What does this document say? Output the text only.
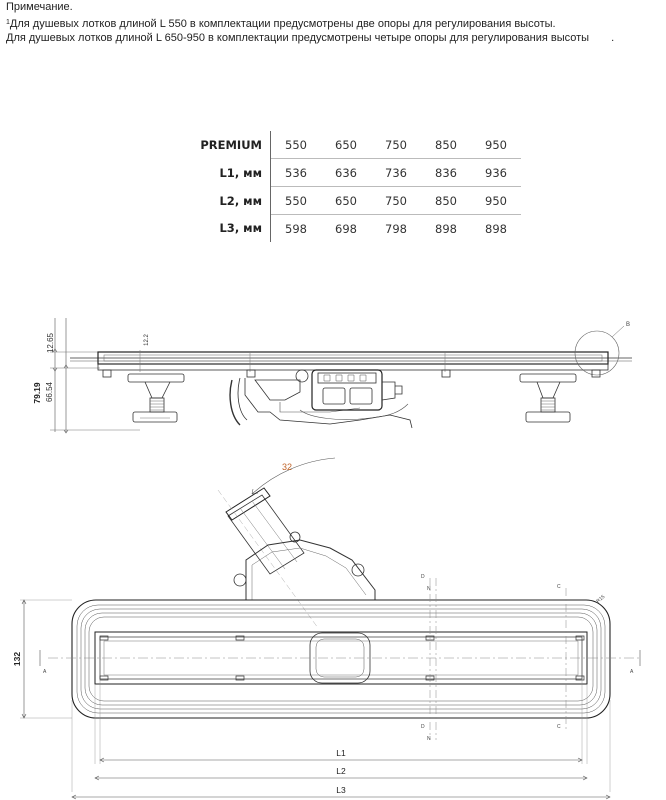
Примечание.
$^1$Для душевых лотков длиной L 550 в комплектации предусмотрены две опоры для регулирования высоты.
Для душевых лотков длиной L 650-950 в комплектации предусмотрены четыре опоры для регулирования высоты .
PREMIUM	550	650	750	850	950
L1, мм	536	636	736	836	936
L2, мм	550	650	750	850	950
L3, мм	598	698	798	898	898
12.65
79.19 66.54
12.2
B
32
A	A
D
N
D
N
C
C
R15
132
L1
L2
L3
